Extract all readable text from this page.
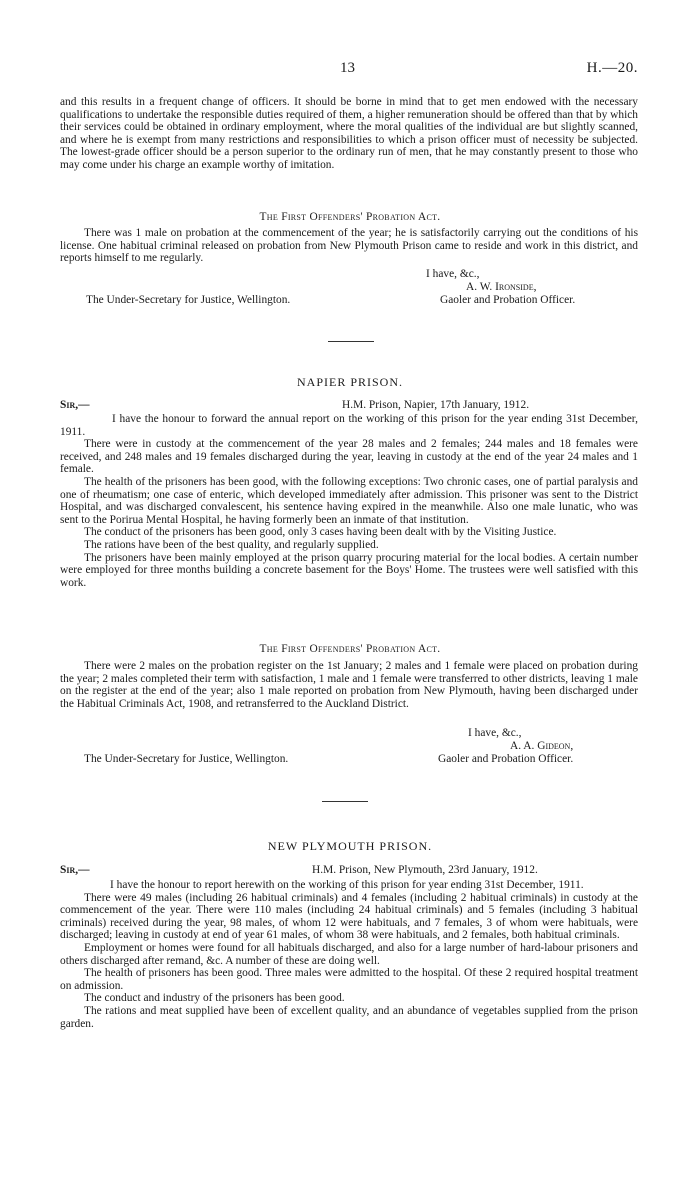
13	H.—20.

and this results in a frequent change of officers. It should be borne in mind that to get men endowed with the necessary qualifications to undertake the responsible duties required of them, a higher remuneration should be offered than that by which their services could be obtained in ordinary employment, where the moral qualities of the individual are but slightly scanned, and where he is exempt from many restrictions and responsibilities to which a prison officer must of necessity be subjected. The lowest-grade officer should be a person superior to the ordinary run of men, that he may constantly present to those who may come under his charge an example worthy of imitation.

The First Offenders' Probation Act.

There was 1 male on probation at the commencement of the year; he is satisfactorily carrying out the conditions of his license. One habitual criminal released on probation from New Plymouth Prison came to reside and work in this district, and reports himself to me regularly.

I have, &c.,
A. W. Ironside,
Gaoler and Probation Officer.
The Under-Secretary for Justice, Wellington.
NAPIER PRISON.
Sir,—	H.M. Prison, Napier, 17th January, 1912.

I have the honour to forward the annual report on the working of this prison for the year ending 31st December, 1911.

There were in custody at the commencement of the year 28 males and 2 females; 244 males and 18 females were received, and 248 males and 19 females discharged during the year, leaving in custody at the end of the year 24 males and 1 female.

The health of the prisoners has been good, with the following exceptions: Two chronic cases, one of partial paralysis and one of rheumatism; one case of enteric, which developed immediately after admission. This prisoner was sent to the District Hospital, and was discharged convalescent, his sentence having expired in the meanwhile. Also one male lunatic, who was sent to the Porirua Mental Hospital, he having formerly been an inmate of that institution.

The conduct of the prisoners has been good, only 3 cases having been dealt with by the Visiting Justice.

The rations have been of the best quality, and regularly supplied.

The prisoners have been mainly employed at the prison quarry procuring material for the local bodies. A certain number were employed for three months building a concrete basement for the Boys' Home. The trustees were well satisfied with this work.

The First Offenders' Probation Act.

There were 2 males on the probation register on the 1st January; 2 males and 1 female were placed on probation during the year; 2 males completed their term with satisfaction, 1 male and 1 female were transferred to other districts, leaving 1 male on the register at the end of the year; also 1 male reported on probation from New Plymouth, having been discharged under the Habitual Criminals Act, 1908, and retransferred to the Auckland District.

I have, &c.,
A. A. Gideon,
Gaoler and Probation Officer.
The Under-Secretary for Justice, Wellington.
NEW PLYMOUTH PRISON.
Sir,—	H.M. Prison, New Plymouth, 23rd January, 1912.

I have the honour to report herewith on the working of this prison for year ending 31st December, 1911.

There were 49 males (including 26 habitual criminals) and 4 females (including 2 habitual criminals) in custody at the commencement of the year. There were 110 males (including 24 habitual criminals) and 5 females (including 3 habitual criminals) received during the year, 98 males, of whom 12 were habituals, and 7 females, 3 of whom were habituals, were discharged; leaving in custody at end of year 61 males, of whom 38 were habituals, and 2 females, both habitual criminals.

Employment or homes were found for all habituals discharged, and also for a large number of hard-labour prisoners and others discharged after remand, &c. A number of these are doing well.

The health of prisoners has been good. Three males were admitted to the hospital. Of these 2 required hospital treatment on admission.

The conduct and industry of the prisoners has been good.

The rations and meat supplied have been of excellent quality, and an abundance of vegetables supplied from the prison garden.
